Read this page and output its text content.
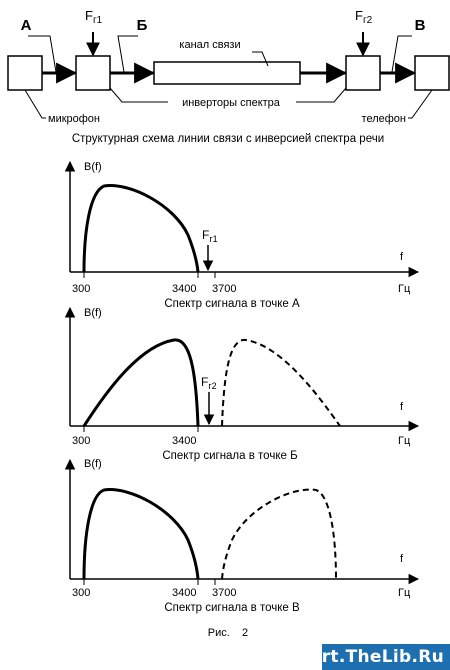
А	Б	В
$F_{г1}$	$F_{г2}$
канал связи
инверторы спектра
микрофон	телефон
Структурная схема линии связи с инверсией спектра речи
B(f)
f
300	3400 3700	Гц
$F_{г1}$
Спектр сигнала в точке А
B(f)
f
300	3400	Гц
$F_{г2}$
Спектр сигнала в точке Б
B(f)
f
300	3400 3700	Гц
Спектр сигнала в точке В
Рис.    2
Art.TheLib.Ru
